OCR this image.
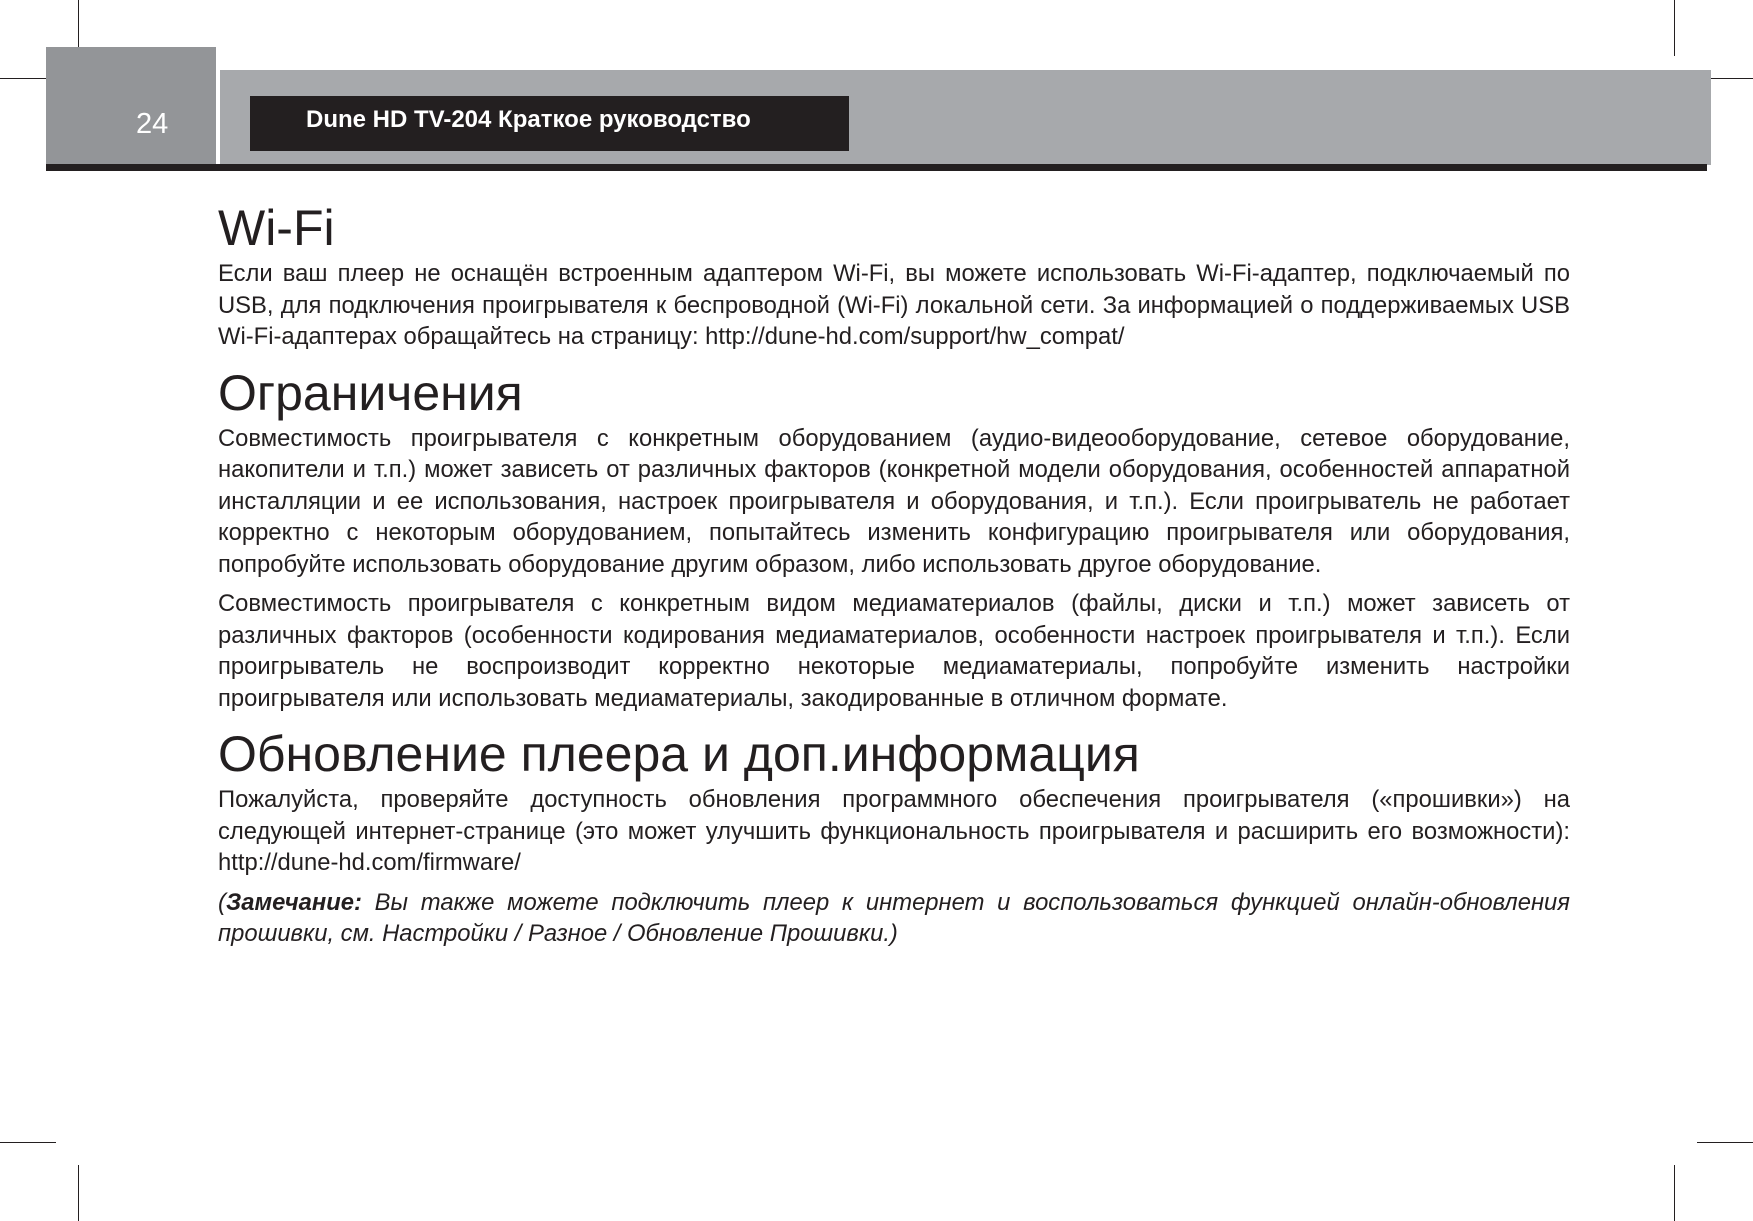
24	Dune HD TV-204 Краткое руководство
Wi-Fi

Если ваш плеер не оснащён встроенным адаптером Wi-Fi, вы можете использовать Wi-Fi-адаптер, подключаемый по USB, для подключения проигрывателя к беспроводной (Wi-Fi) локальной сети. За информацией о поддерживаемых USB Wi-Fi-адаптерах обращайтесь на страницу: http://dune-hd.com/support/hw_compat/

Ограничения

Совместимость проигрывателя с конкретным оборудованием (аудио-видеооборудование, сетевое оборудование, накопители и т.п.) может зависеть от различных факторов (конкретной модели оборудования, особенностей аппаратной инсталляции и ее использования, настроек проигрывателя и оборудования, и т.п.). Если проигрыватель не работает корректно с некоторым оборудованием, попытайтесь изменить конфигурацию проигрывателя или оборудования, попробуйте использовать оборудование другим образом, либо использовать другое оборудование.

Совместимость проигрывателя с конкретным видом медиаматериалов (файлы, диски и т.п.) может зависеть от различных факторов (особенности кодирования медиаматериалов, особенности настроек проигрывателя и т.п.). Если проигрыватель не воспроизводит корректно некоторые медиаматериалы, попробуйте изменить настройки проигрывателя или использовать медиаматериалы, закодированные в отличном формате.

Обновление плеера и доп.информация

Пожалуйста, проверяйте доступность обновления программного обеспечения проигрывателя («прошивки») на следующей интернет-странице (это может улучшить функциональность проигрывателя и расширить его возможности): http://dune-hd.com/firmware/

(Замечание: Вы также можете подключить плеер к интернет и воспользоваться функцией онлайн-обновления прошивки, см. Настройки / Разное / Обновление Прошивки.)
